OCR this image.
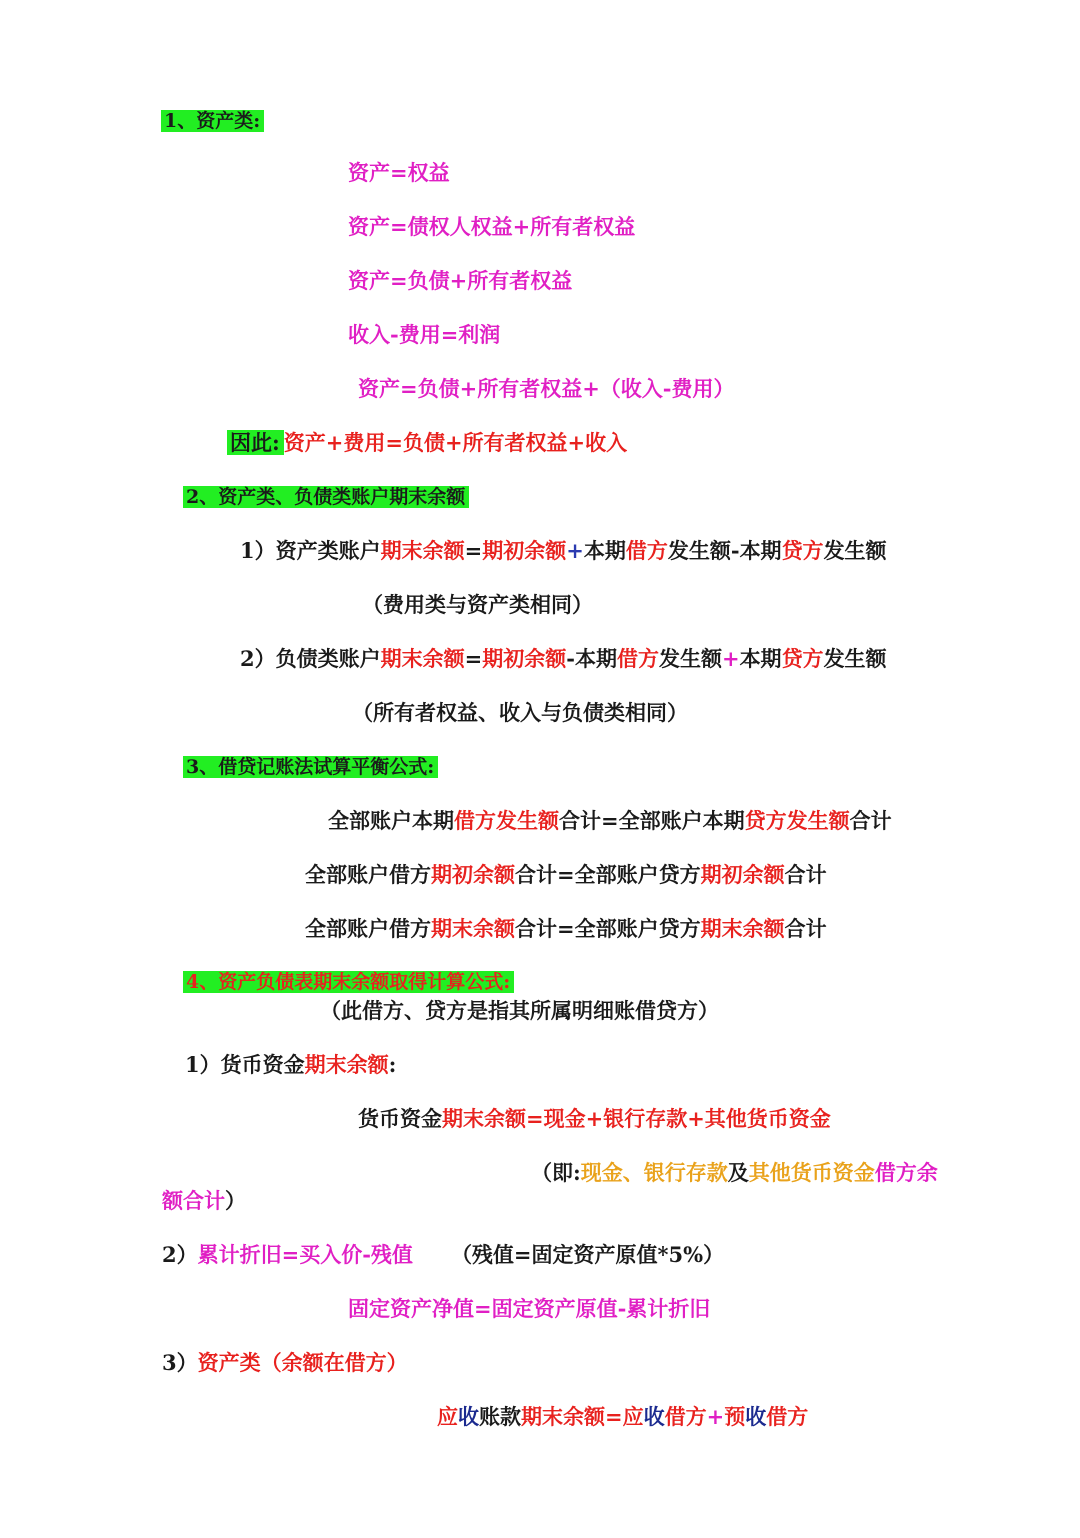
1、资产类:
资产=权益
资产=债权人权益+所有者权益
资产=负债+所有者权益
收入-费用=利润
资产=负债+所有者权益+（收入-费用）
因此: 资产+费用=负债+所有者权益+收入
2、资产类、负债类账户期末余额
1）资产类账户期末余额=期初余额+本期借方发生额-本期贷方发生额
（费用类与资产类相同）
2）负债类账户期末余额=期初余额-本期借方发生额+本期贷方发生额
（所有者权益、收入与负债类相同）
3、借贷记账法试算平衡公式:
全部账户本期借方发生额合计=全部账户本期贷方发生额合计
全部账户借方期初余额合计=全部账户贷方期初余额合计
全部账户借方期末余额合计=全部账户贷方期末余额合计
4、资产负债表期末余额取得计算公式:
（此借方、贷方是指其所属明细账借贷方）
1）货币资金期末余额:
货币资金期末余额=现金+银行存款+其他货币资金
（即:现金、银行存款及其他货币资金借方余
额合计）
2）累计折旧=买入价-残值 （残值=固定资产原值*5%）
固定资产净值=固定资产原值-累计折旧
3）资产类（余额在借方）
应收账款期末余额=应收借方+预收借方
